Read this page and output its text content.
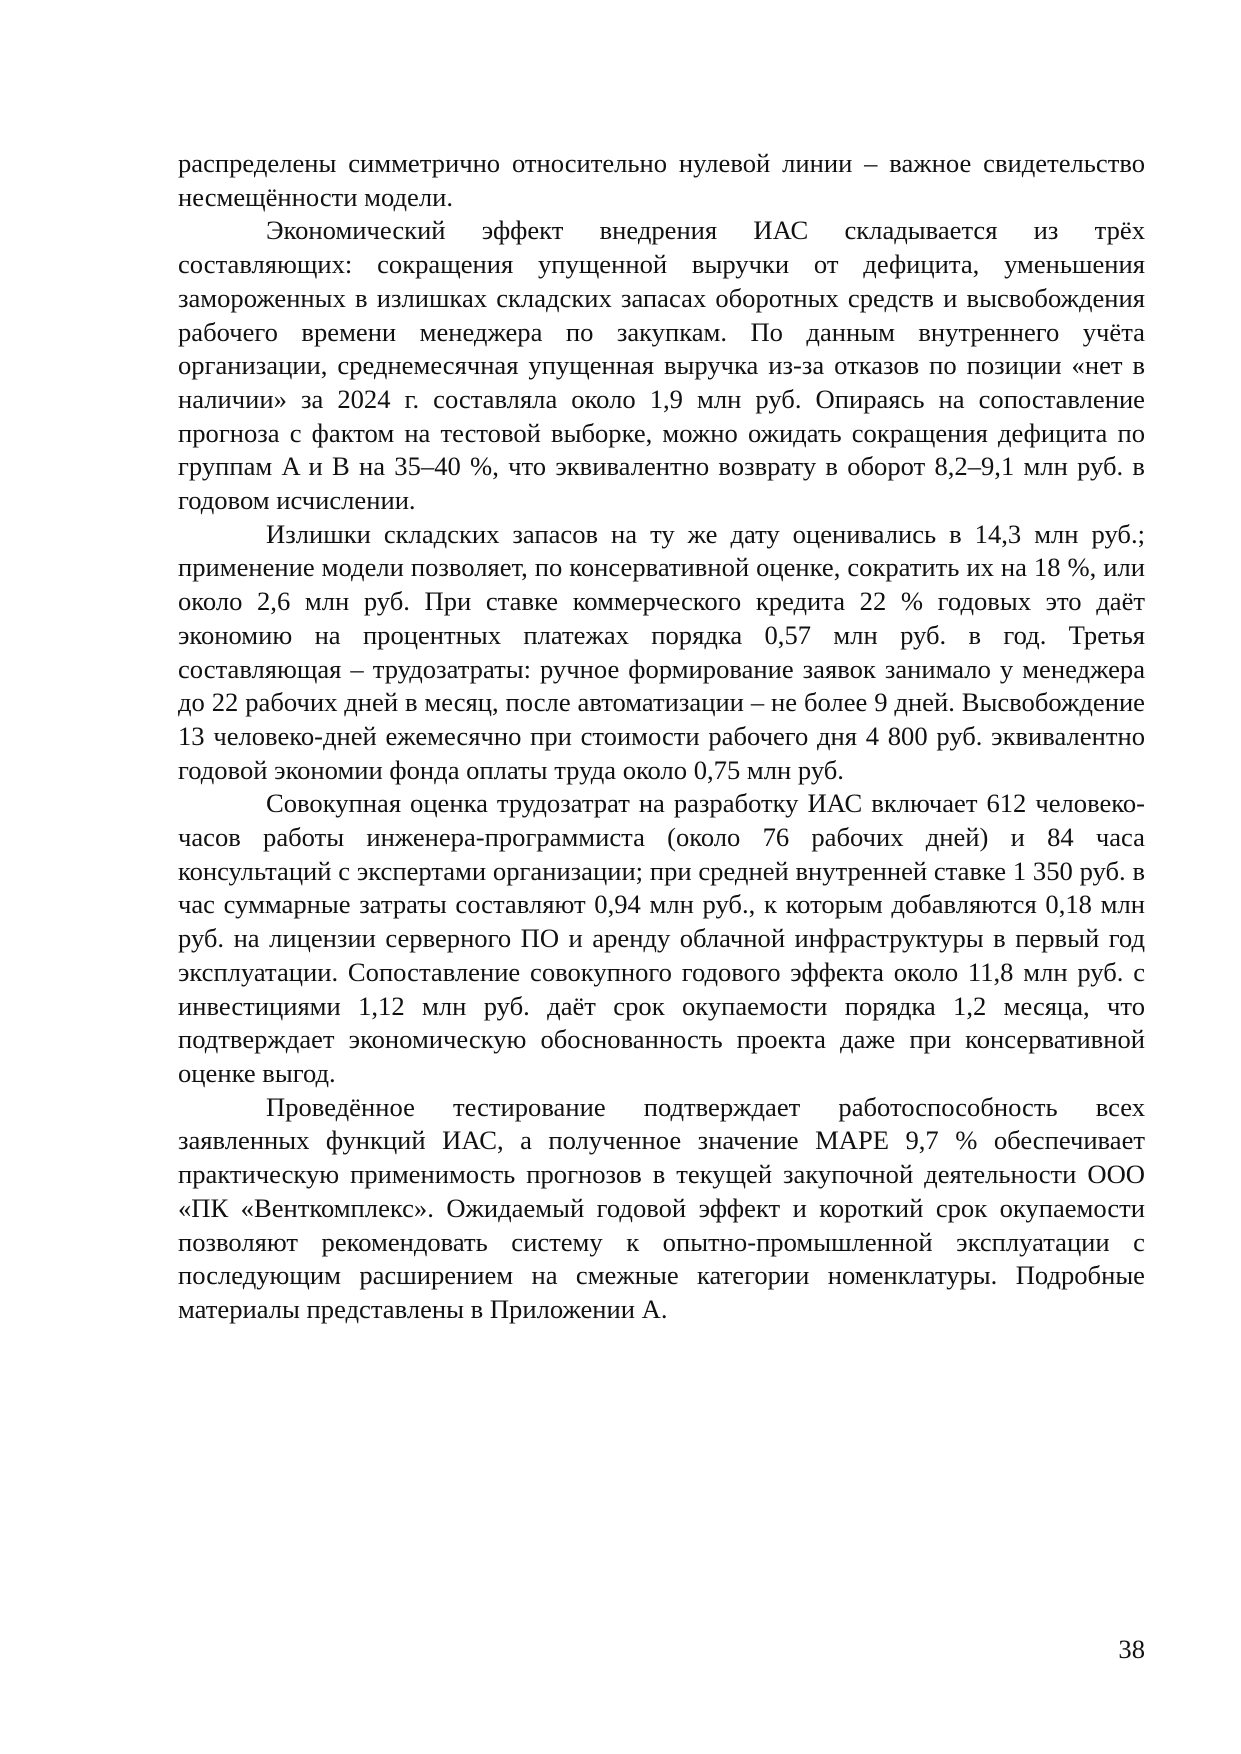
распределены симметрично относительно нулевой линии – важное свидетельство несмещённости модели.

Экономический эффект внедрения ИАС складывается из трёх составляющих: сокращения упущенной выручки от дефицита, уменьшения замороженных в излишках складских запасах оборотных средств и высвобождения рабочего времени менеджера по закупкам. По данным внутреннего учёта организации, среднемесячная упущенная выручка из-за отказов по позиции «нет в наличии» за 2024 г. составляла около 1,9 млн руб. Опираясь на сопоставление прогноза с фактом на тестовой выборке, можно ожидать сокращения дефицита по группам A и B на 35–40 %, что эквивалентно возврату в оборот 8,2–9,1 млн руб. в годовом исчислении.

Излишки складских запасов на ту же дату оценивались в 14,3 млн руб.; применение модели позволяет, по консервативной оценке, сократить их на 18 %, или около 2,6 млн руб. При ставке коммерческого кредита 22 % годовых это даёт экономию на процентных платежах порядка 0,57 млн руб. в год. Третья составляющая – трудозатраты: ручное формирование заявок занимало у менеджера до 22 рабочих дней в месяц, после автоматизации – не более 9 дней. Высвобождение 13 человеко-дней ежемесячно при стоимости рабочего дня 4 800 руб. эквивалентно годовой экономии фонда оплаты труда около 0,75 млн руб.

Совокупная оценка трудозатрат на разработку ИАС включает 612 человеко-часов работы инженера-программиста (около 76 рабочих дней) и 84 часа консультаций с экспертами организации; при средней внутренней ставке 1 350 руб. в час суммарные затраты составляют 0,94 млн руб., к которым добавляются 0,18 млн руб. на лицензии серверного ПО и аренду облачной инфраструктуры в первый год эксплуатации. Сопоставление совокупного годового эффекта около 11,8 млн руб. с инвестициями 1,12 млн руб. даёт срок окупаемости порядка 1,2 месяца, что подтверждает экономическую обоснованность проекта даже при консервативной оценке выгод.

Проведённое тестирование подтверждает работоспособность всех заявленных функций ИАС, а полученное значение MAPE 9,7 % обеспечивает практическую применимость прогнозов в текущей закупочной деятельности ООО «ПК «Венткомплекс». Ожидаемый годовой эффект и короткий срок окупаемости позволяют рекомендовать систему к опытно-промышленной эксплуатации с последующим расширением на смежные категории номенклатуры. Подробные материалы представлены в Приложении А.

38
